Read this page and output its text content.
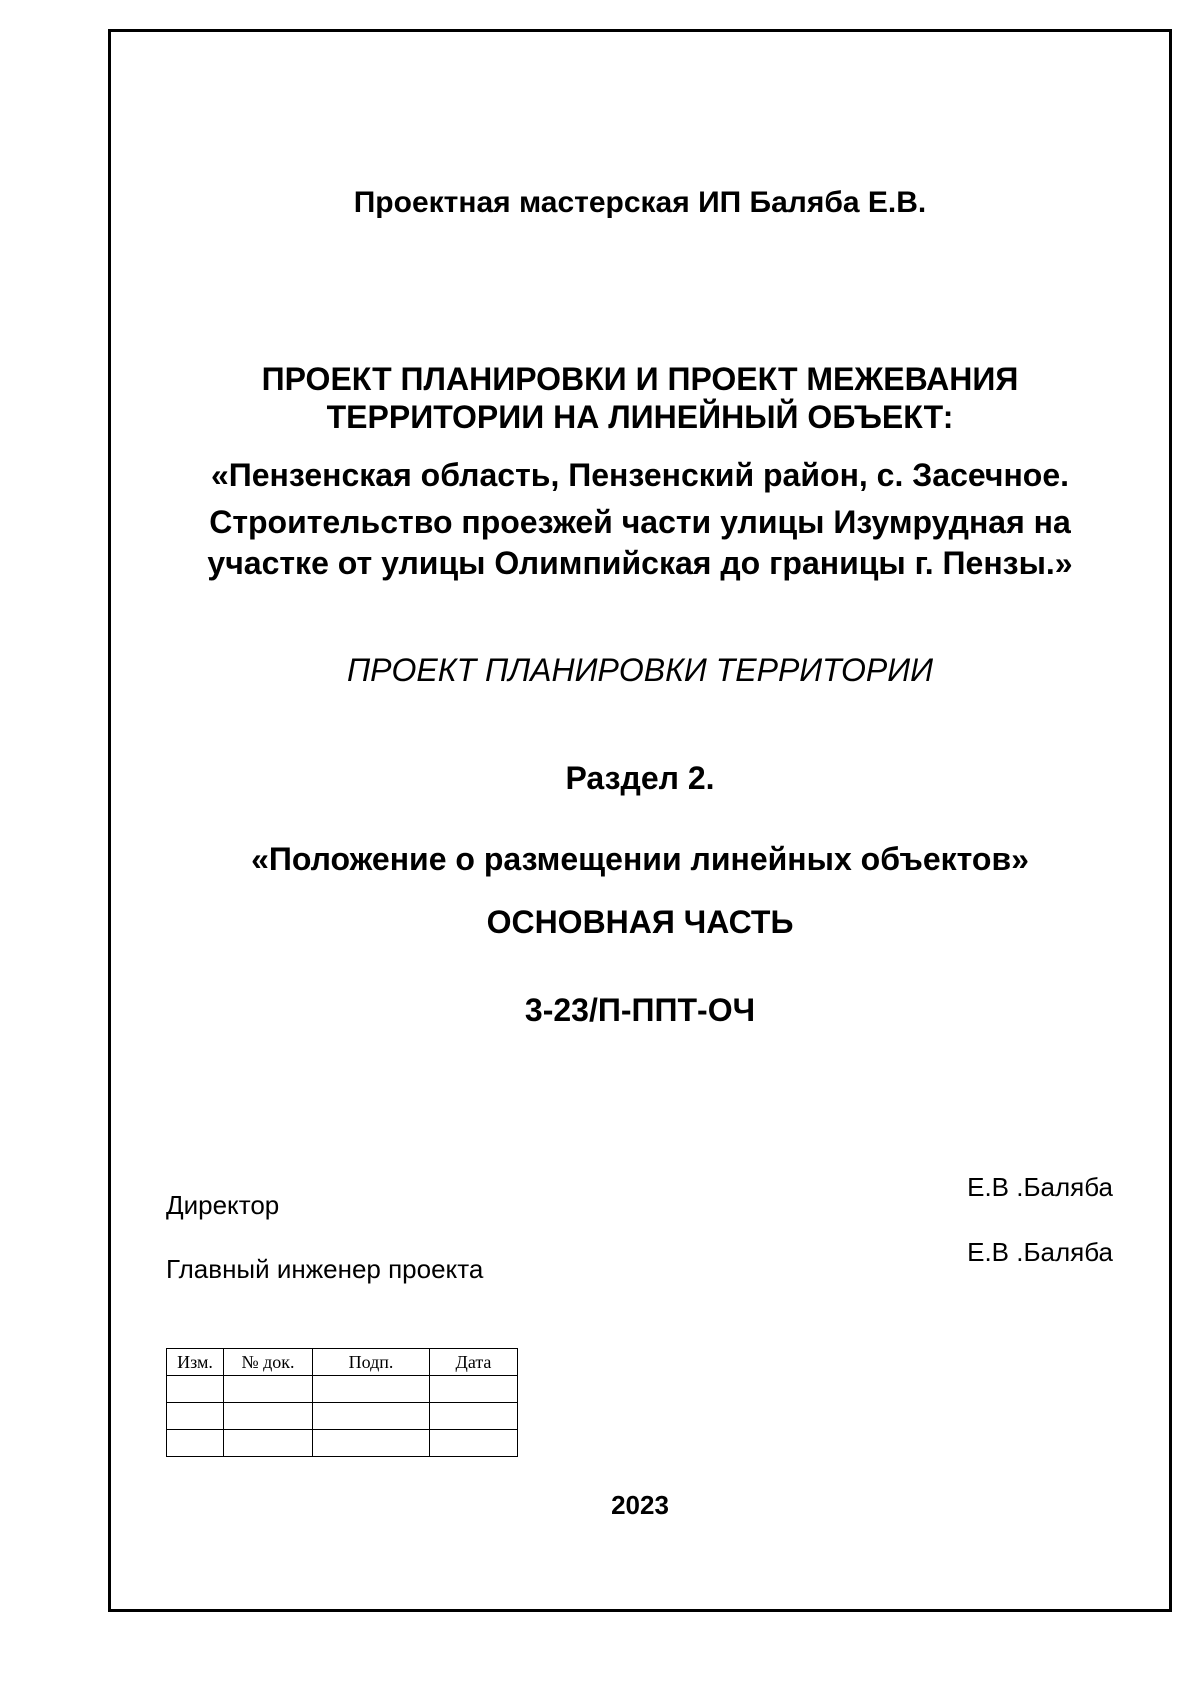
Проектная мастерская ИП Баляба Е.В.

ПРОЕКТ ПЛАНИРОВКИ И ПРОЕКТ МЕЖЕВАНИЯ
ТЕРРИТОРИИ НА ЛИНЕЙНЫЙ ОБЪЕКТ:

«Пензенская область, Пензенский район, с. Засечное.
Строительство проезжей части улицы Изумрудная на
участке от улицы Олимпийская до границы г. Пензы.»

ПРОЕКТ ПЛАНИРОВКИ ТЕРРИТОРИИ

Раздел 2.

«Положение о размещении линейных объектов»

ОСНОВНАЯ ЧАСТЬ

3-23/П-ППТ-ОЧ

Директор
Е.В .Баляба
Главный инженер проекта
Е.В .Баляба
Изм.	№ док.	Подп.	Дата

2023
